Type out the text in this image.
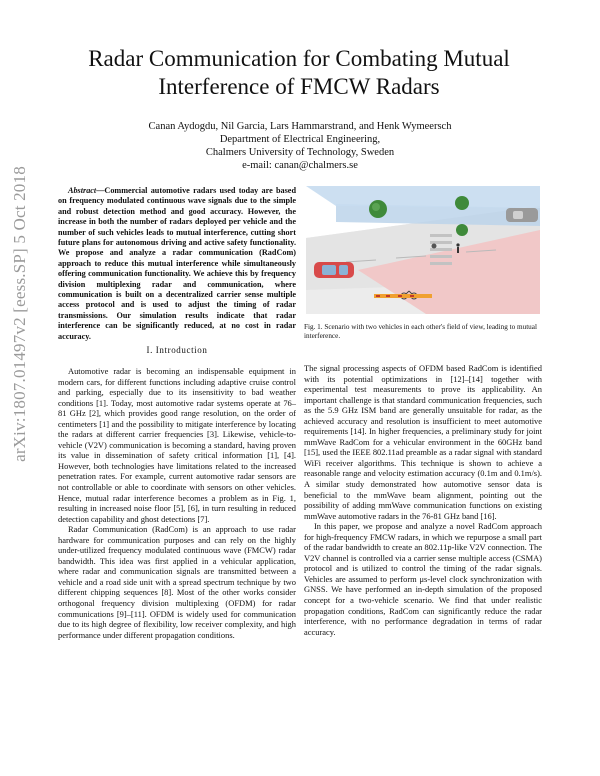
arXiv:1807.01497v2 [eess.SP] 5 Oct 2018
Radar Communication for Combating Mutual Interference of FMCW Radars
Canan Aydogdu, Nil Garcia, Lars Hammarstrand, and Henk Wymeersch
Department of Electrical Engineering,
Chalmers University of Technology, Sweden
e-mail: canan@chalmers.se

Abstract—Commercial automotive radars used today are based on frequency modulated continuous wave signals due to the simple and robust detection method and good accuracy. However, the increase in both the number of radars deployed per vehicle and the number of such vehicles leads to mutual interference, cutting short future plans for autonomous driving and active safety functionality. We propose and analyze a radar communication (RadCom) approach to reduce this mutual interference while simultaneously offering communication functionality. We achieve this by frequency division multiplexing radar and communication, where communication is built on a decentralized carrier sense multiple access protocol and is used to adjust the timing of radar transmissions. Our simulation results indicate that radar interference can be significantly reduced, at no cost in radar accuracy.

I. Introduction

Automotive radar is becoming an indispensable equipment in modern cars, for different functions including adaptive cruise control and parking, especially due to its insensitivity to bad weather conditions [1]. Today, most automotive radar systems operate at 76–81 GHz [2], which provides good range resolution, on the order of centimeters [1] and the possibility to mitigate interference by locating the radars at different carrier frequencies [3]. Likewise, vehicle-to-vehicle (V2V) communication is becoming a standard, having proven its value in dissemination of safety critical information [1], [4]. However, both technologies have limitations related to the increased penetration rates. For example, current automotive radar sensors are not controllable or able to coordinate with sensors on other vehicles. Hence, mutual radar interference becomes a problem as in Fig. 1, resulting in increased noise floor [5], [6], in turn resulting in reduced detection capability and ghost detections [7].

Radar Communication (RadCom) is an approach to use radar hardware for communication purposes and can rely on the highly under-utilized frequency modulated continuous wave (FMCW) radar bandwidth. This idea was first applied in a vehicular application, where radar and communication signals are transmitted between a vehicle and a road side unit with a spread spectrum technique by two different chipping sequences [8]. Most of the other works consider orthogonal frequency division multiplexing (OFDM) for radar communications [9]–[11]. OFDM is widely used for communication due to its high degree of flexibility, low receiver complexity, and high performance under different propagation conditions.

Fig. 1. Scenario with two vehicles in each other's field of view, leading to mutual interference.

The signal processing aspects of OFDM based RadCom is identified with its potential optimizations in [12]–[14] together with experimental test measurements to prove its applicability. An important challenge is that standard communication frequencies, such as the 5.9 GHz ISM band are generally unsuitable for radar, as the achieved accuracy and resolution is insufficient to meet automotive requirements [14]. In higher frequencies, a preliminary study for joint mmWave RadCom for a vehicular environment in the 60GHz band [15], used the IEEE 802.11ad preamble as a radar signal with standard WiFi receiver algorithms. This technique is shown to achieve a reasonable range and velocity estimation accuracy (0.1m and 0.1m/s). A similar study demonstrated how automotive sensor data is beneficial to the mmWave beam alignment, pointing out the possibility of adding mmWave communication functions on existing mmWave automotive radars in the 76-81 GHz band [16].

In this paper, we propose and analyze a novel RadCom approach for high-frequency FMCW radars, in which we repurpose a small part of the radar bandwidth to create an 802.11p-like V2V connection. The V2V channel is controlled via a carrier sense multiple access (CSMA) protocol and is utilized to control the timing of the radar signals. Vehicles are assumed to perform μs-level clock synchronization with GNSS. We have performed an in-depth simulation of the proposed concept for a two-vehicle scenario. We find that under realistic propagation conditions, RadCom can significantly reduce the radar interference, with no performance degradation in terms of radar accuracy.
